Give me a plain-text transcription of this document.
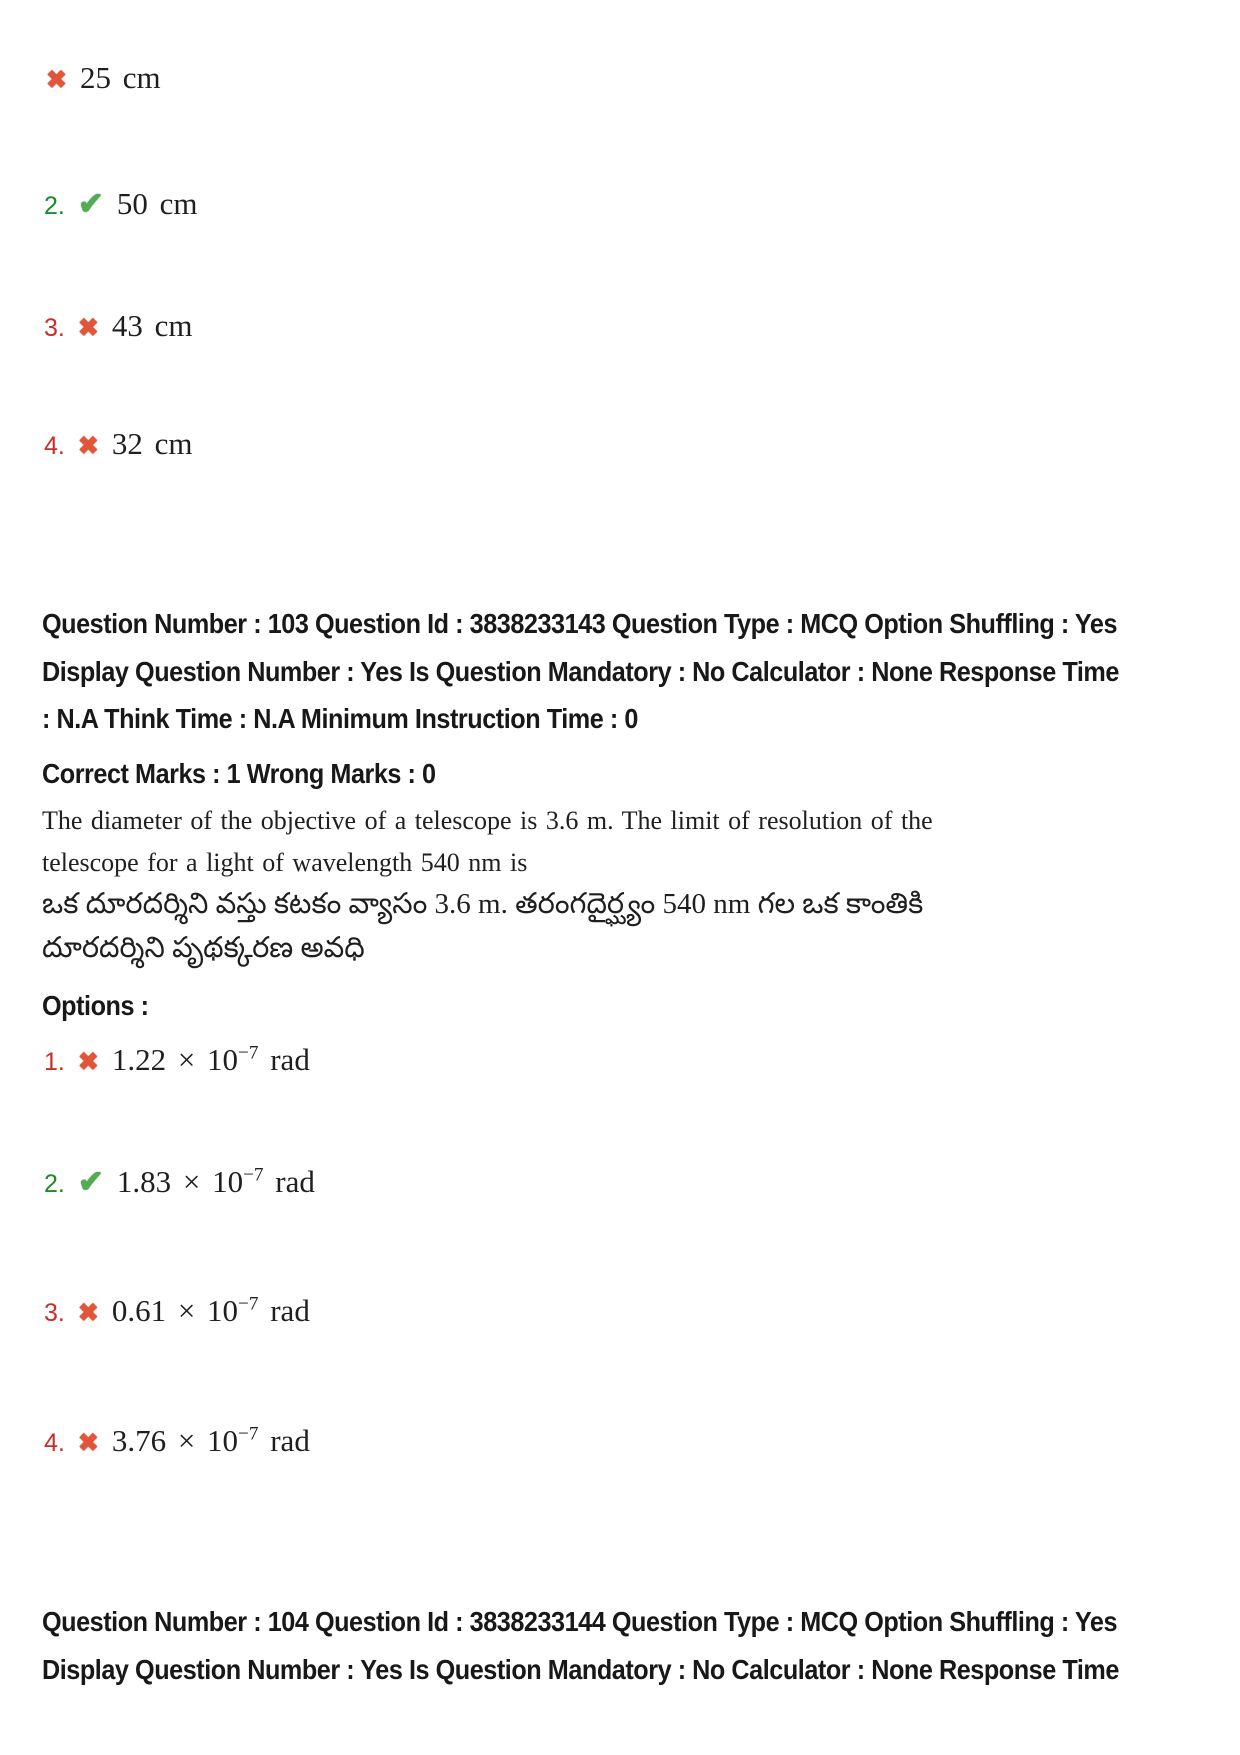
✖ 25 cm
2. ✔ 50 cm
3. ✖ 43 cm
4. ✖ 32 cm
Question Number : 103 Question Id : 3838233143 Question Type : MCQ Option Shuffling : Yes
Display Question Number : Yes Is Question Mandatory : No Calculator : None Response Time
: N.A Think Time : N.A Minimum Instruction Time : 0
Correct Marks : 1 Wrong Marks : 0
The diameter of the objective of a telescope is 3.6 m. The limit of resolution of the
telescope for a light of wavelength 540 nm is
ఒక దూరదర్శిని వస్తు కటకం వ్యాసం 3.6 m. తరంగదైర్ఘ్యం 540 nm గల ఒక కాంతికి
దూరదర్శిని పృథక్కరణ అవధి
Options :
1. ✖ $1.22 \times 10^{-7}$ rad
2. ✔ $1.83 \times 10^{-7}$ rad
3. ✖ $0.61 \times 10^{-7}$ rad
4. ✖ $3.76 \times 10^{-7}$ rad
Question Number : 104 Question Id : 3838233144 Question Type : MCQ Option Shuffling : Yes
Display Question Number : Yes Is Question Mandatory : No Calculator : None Response Time
